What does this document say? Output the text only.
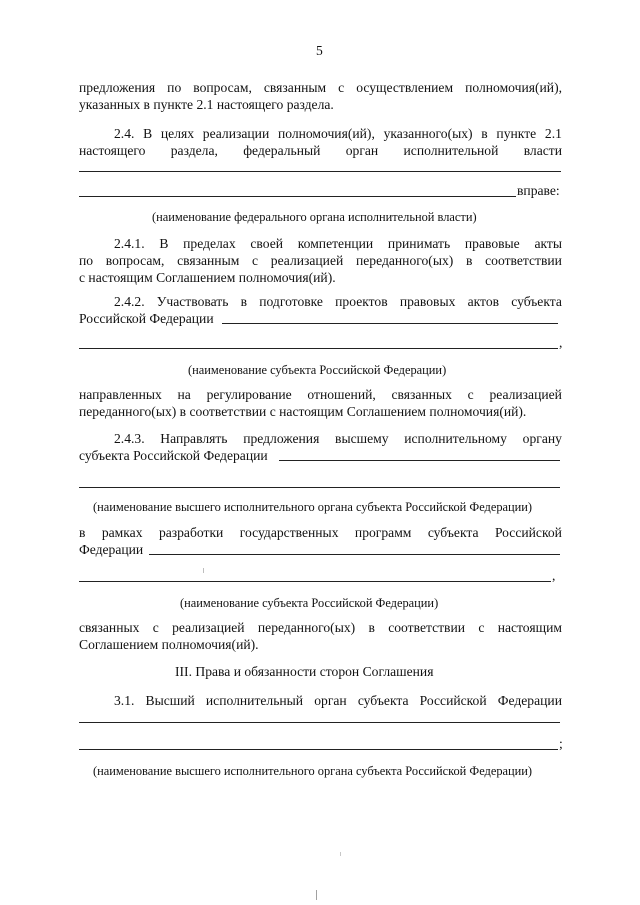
5
предложения по вопросам, связанным с осуществлением полномочия(ий),
указанных в пункте 2.1 настоящего раздела.
2.4. В целях реализации полномочия(ий), указанного(ых) в пункте 2.1
настоящего раздела, федеральный орган исполнительной власти
вправе:
(наименование федерального органа исполнительной власти)
2.4.1. В пределах своей компетенции принимать правовые акты
по вопросам, связанным с реализацией переданного(ых) в соответствии
с настоящим Соглашением полномочия(ий).
2.4.2. Участвовать в подготовке проектов правовых актов субъекта
Российской Федерации
,
(наименование субъекта Российской Федерации)
направленных на регулирование отношений, связанных с реализацией
переданного(ых) в соответствии с настоящим Соглашением полномочия(ий).
2.4.3. Направлять предложения высшему исполнительному органу
субъекта Российской Федерации
(наименование высшего исполнительного органа субъекта Российской Федерации)
в рамках разработки государственных программ субъекта Российской
Федерации
,
(наименование субъекта Российской Федерации)
связанных с реализацией переданного(ых) в соответствии с настоящим
Соглашением полномочия(ий).
III. Права и обязанности сторон Соглашения
3.1. Высший исполнительный орган субъекта Российской Федерации
;
(наименование высшего исполнительного органа субъекта Российской Федерации)
